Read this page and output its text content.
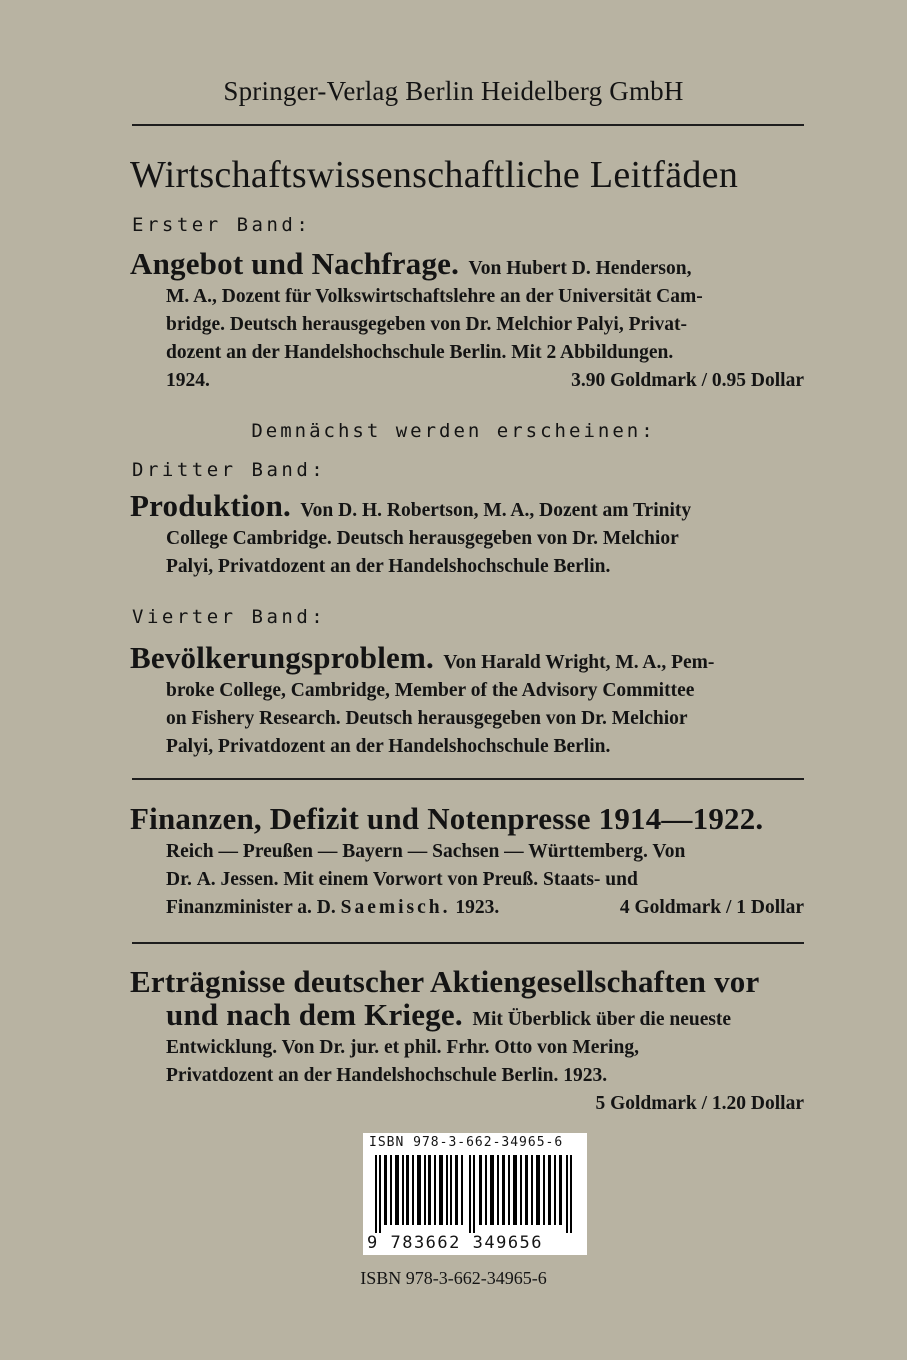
Springer-Verlag Berlin Heidelberg GmbH
Wirtschaftswissenschaftliche Leitfäden
Erster Band:
Angebot und Nachfrage. Von Hubert D. Henderson,
M. A., Dozent für Volkswirtschaftslehre an der Universität Cam-
bridge. Deutsch herausgegeben von Dr. Melchior Palyi, Privat-
dozent an der Handelshochschule Berlin. Mit 2 Abbildungen.
1924.	3.90 Goldmark / 0.95 Dollar
Demnächst werden erscheinen:
Dritter Band:
Produktion. Von D. H. Robertson, M. A., Dozent am Trinity
College Cambridge. Deutsch herausgegeben von Dr. Melchior
Palyi, Privatdozent an der Handelshochschule Berlin.
Vierter Band:
Bevölkerungsproblem. Von Harald Wright, M. A., Pem-
broke College, Cambridge, Member of the Advisory Committee
on Fishery Research. Deutsch herausgegeben von Dr. Melchior
Palyi, Privatdozent an der Handelshochschule Berlin.
Finanzen, Defizit und Notenpresse 1914—1922.
Reich — Preußen — Bayern — Sachsen — Württemberg. Von
Dr. A. Jessen. Mit einem Vorwort von Preuß. Staats- und
Finanzminister a. D. Saemisch. 1923.	4 Goldmark / 1 Dollar
Erträgnisse deutscher Aktiengesellschaften vor
und nach dem Kriege. Mit Überblick über die neueste
Entwicklung. Von Dr. jur. et phil. Frhr. Otto von Mering,
Privatdozent an der Handelshochschule Berlin. 1923.
5 Goldmark / 1.20 Dollar
ISBN 978-3-662-34965-6
9 783662 349656
ISBN 978-3-662-34965-6
